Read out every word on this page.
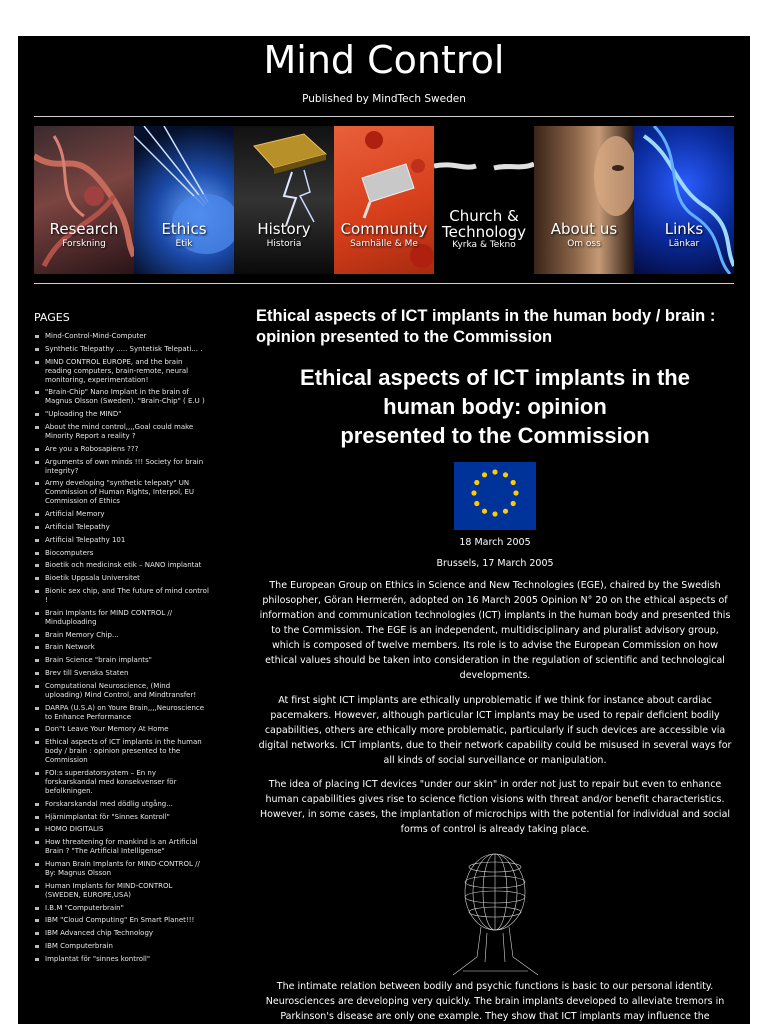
Mind Control
Published by MindTech Sweden
Research
Forskning
Ethics
Etik
History
Historia
Community
Samhälle & Me
Church &
Technology
Kyrka & Tekno
About us
Om oss
Links
Länkar
PAGES
Mind-Control-Mind-Computer
Synthetic Telepathy ..... Syntetisk Telepati... .
MIND CONTROL EUROPE, and the brain reading computers, brain-remote, neural monitoring, experimentation!
"Brain-Chip" Nano Implant in the brain of Magnus Olsson (Sweden). "Brain-Chip" ( E.U )
"Uploading the MIND"
About the mind control,,,,Goal could make Minority Report a reality ?
Are you a Robosapiens ???
Arguments of own minds !!! Society for brain integrity?
Army developing "synthetic telepaty" UN Commission of Human Rights, Interpol, EU Commission of Ethics
Artificial Memory
Artificial Telepathy
Artificial Telepathy 101
Biocomputers
Bioetik och medicinsk etik – NANO implantat
Bioetik Uppsala Universitet
Bionic sex chip, and The future of mind control !
Brain Implants for MIND CONTROL // Minduploading
Brain Memory Chip...
Brain Network
Brain Science "brain implants"
Brev till Svenska Staten
Computational Neuroscience, (Mind uploading) Mind Control, and Mindtransfer!
DARPA (U.S.A) on Youre Brain,,,,Neuroscience to Enhance Performance
Don"t Leave Your Memory At Home
Ethical aspects of ICT implants in the human body / brain : opinion presented to the Commission
FOI:s superdatorsystem – En ny forskarskandal med konsekvenser för befolkningen.
Forskarskandal med dödlig utgång...
Hjärnimplantat för "Sinnes Kontroll"
HOMO DIGITALIS
How threatening for mankind is an Artificial Brain ? "The Artificial Intelligense"
Human Brain Implants for MIND-CONTROL // By: Magnus Olsson
Human Implants for MIND-CONTROL (SWEDEN, EUROPE,USA)
I.B.M "Computerbrain"
IBM "Cloud Computing" En Smart Planet!!!
IBM Advanced chip Technology
IBM Computerbrain
Implantat för "sinnes kontroll"
Ethical aspects of ICT implants in the human body / brain : opinion presented to the Commission
Ethical aspects of ICT implants in the
human body: opinion
presented to the Commission
18 March 2005
Brussels, 17 March 2005

The European Group on Ethics in Science and New Technologies (EGE), chaired by the Swedish philosopher, Göran Hermerén, adopted on 16 March 2005 Opinion N° 20 on the ethical aspects of information and communication technologies (ICT) implants in the human body and presented this to the Commission. The EGE is an independent, multidisciplinary and pluralist advisory group, which is composed of twelve members. Its role is to advise the European Commission on how ethical values should be taken into consideration in the regulation of scientific and technological developments.

At first sight ICT implants are ethically unproblematic if we think for instance about cardiac pacemakers. However, although particular ICT implants may be used to repair deficient bodily capabilities, others are ethically more problematic, particularly if such devices are accessible via digital networks. ICT implants, due to their network capability could be misused in several ways for all kinds of social surveillance or manipulation.

The idea of placing ICT devices "under our skin" in order not just to repair but even to enhance human capabilities gives rise to science fiction visions with threat and/or benefit characteristics. However, in some cases, the implantation of microchips with the potential for individual and social forms of control is already taking place.

The intimate relation between bodily and psychic functions is basic to our personal identity. Neurosciences are developing very quickly. The brain implants developed to alleviate tremors in Parkinson's disease are only one example. They show that ICT implants may influence the
